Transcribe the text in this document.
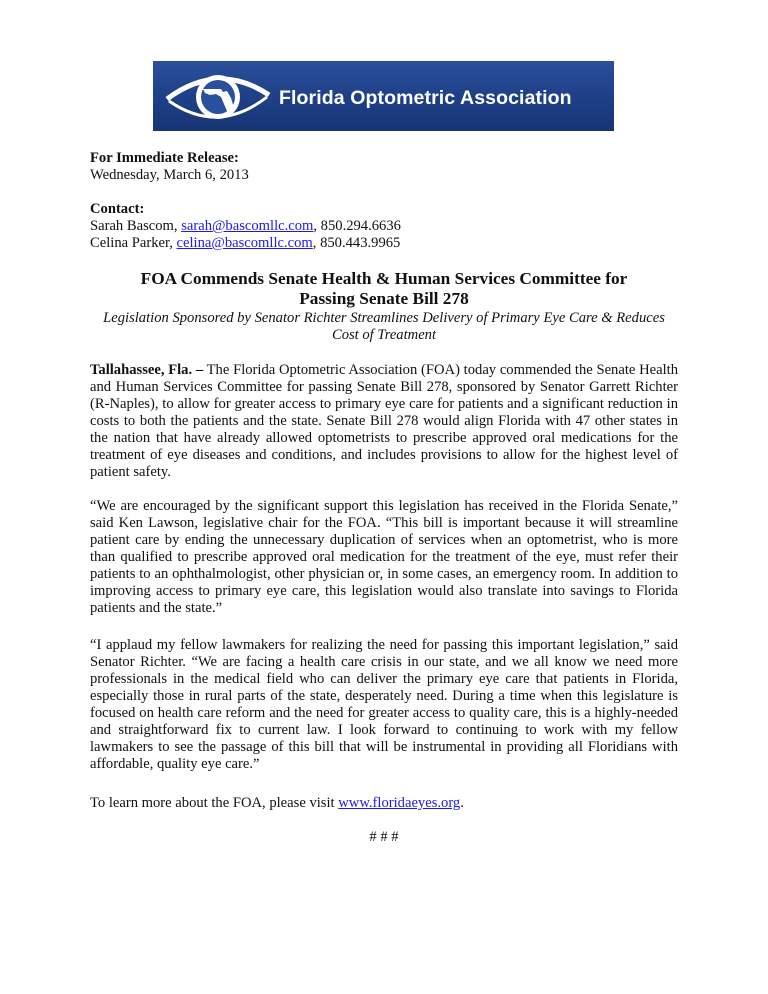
Florida Optometric Association
For Immediate Release:
Wednesday, March 6, 2013
Contact:
Sarah Bascom, sarah@bascomllc.com, 850.294.6636
Celina Parker, celina@bascomllc.com, 850.443.9965
FOA Commends Senate Health & Human Services Committee for
Passing Senate Bill 278
Legislation Sponsored by Senator Richter Streamlines Delivery of Primary Eye Care & Reduces
Cost of Treatment

Tallahassee, Fla. – The Florida Optometric Association (FOA) today commended the Senate Health and Human Services Committee for passing Senate Bill 278, sponsored by Senator Garrett Richter (R-Naples), to allow for greater access to primary eye care for patients and a significant reduction in costs to both the patients and the state. Senate Bill 278 would align Florida with 47 other states in the nation that have already allowed optometrists to prescribe approved oral medications for the treatment of eye diseases and conditions, and includes provisions to allow for the highest level of patient safety.

“We are encouraged by the significant support this legislation has received in the Florida Senate,” said Ken Lawson, legislative chair for the FOA. “This bill is important because it will streamline patient care by ending the unnecessary duplication of services when an optometrist, who is more than qualified to prescribe approved oral medication for the treatment of the eye, must refer their patients to an ophthalmologist, other physician or, in some cases, an emergency room. In addition to improving access to primary eye care, this legislation would also translate into savings to Florida patients and the state.”

“I applaud my fellow lawmakers for realizing the need for passing this important legislation,” said Senator Richter. “We are facing a health care crisis in our state, and we all know we need more professionals in the medical field who can deliver the primary eye care that patients in Florida, especially those in rural parts of the state, desperately need. During a time when this legislature is focused on health care reform and the need for greater access to quality care, this is a highly-needed and straightforward fix to current law. I look forward to continuing to work with my fellow lawmakers to see the passage of this bill that will be instrumental in providing all Floridians with affordable, quality eye care.”

To learn more about the FOA, please visit www.floridaeyes.org.

# # #
